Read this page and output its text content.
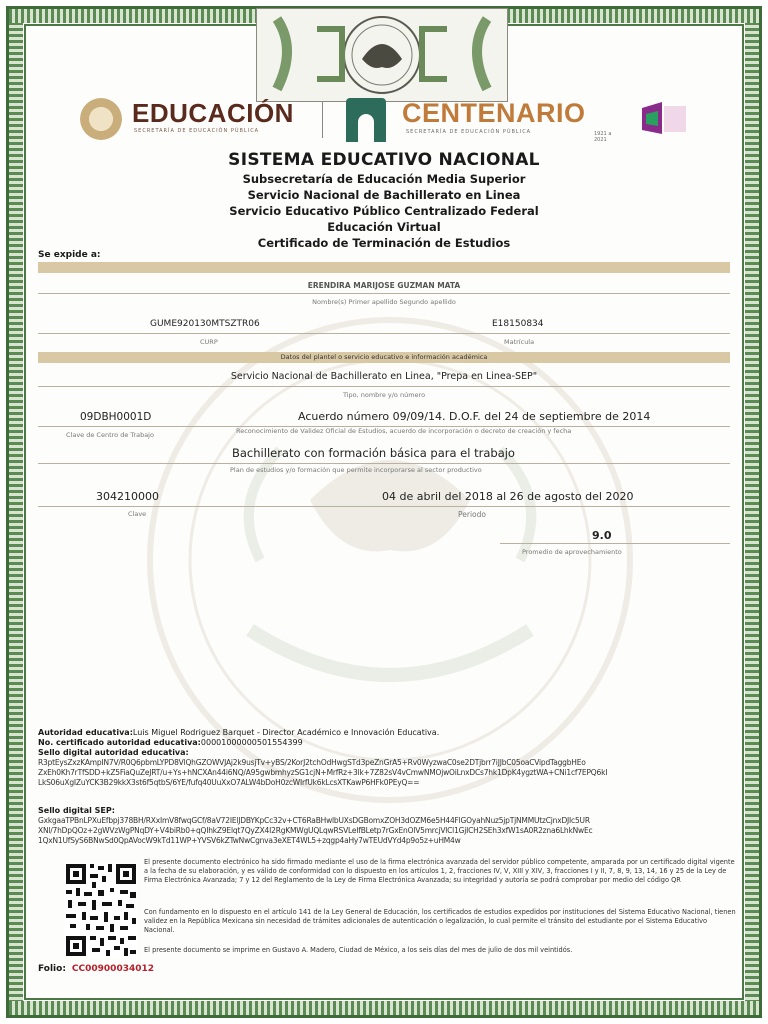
EDUCACIÓN
SECRETARÍA DE EDUCACIÓN PÚBLICA
CENTENARIO
SECRETARÍA DE EDUCACIÓN PÚBLICA	1921 a 2021
SISTEMA EDUCATIVO NACIONAL
Subsecretaría de Educación Media Superior
Servicio Nacional de Bachillerato en Linea
Servicio Educativo Público Centralizado Federal
Educación Virtual
Certificado de Terminación de Estudios
Se expide a:
ERENDIRA MARIJOSE GUZMAN MATA
Nombre(s) Primer apellido Segundo apellido
GUME920130MTSZTR06	E18150834
CURP	Matrícula
Datos del plantel o servicio educativo e información académica
Servicio Nacional de Bachillerato en Linea, "Prepa en Linea-SEP"
Tipo, nombre y/o número
09DBH0001D	Acuerdo número 09/09/14. D.O.F. del 24 de septiembre de 2014
Clave de Centro de Trabajo	Reconocimiento de Validez Oficial de Estudios, acuerdo de incorporación o decreto de creación y fecha
Bachillerato con formación básica para el trabajo
Plan de estudios y/o formación que permite incorporarse al sector productivo
304210000	04 de abril del 2018 al 26 de agosto del 2020
Clave	Periodo
9.0
Promedio de aprovechamiento
Autoridad educativa:Luis Miguel Rodriguez Barquet - Director Académico e Innovación Educativa.
No. certificado autoridad educativa:00001000000501554399
Sello digital autoridad educativa:
R3ptEysZxzKAmpIN7V/R0Q6pbmLYPD8VlQhGZOWVJAj2k9usjTv+yBS/2KorJ2tchOdHwgSTd3peZnGrA5+Rv0WyzwaC0se2DTjbrr7iJJbC05oaCVipdTaggbHEo
ZxEh0Kh7rTfSDD+kZ5FiaQuZeJRT/u+Ys+hNCXAn44i6NQ/A95gwbmhyzSG1cjN+MrfRz+3lk+7Z82sV4vCmwNMOjwOiLnxDCs7hk1DpK4ygztWA+CNi1cf7EPQ6kI
LkS06uXgIZuYCK3B29kkX3st6f5qtbS/6YE/fufq40UuXxO7ALW4bDoH0zcWIrfUk6kLcsXTKawP6HFk0PEyQ==
Sello digital SEP:
GxkgaaTPBnLPXuEfbpj378BH/RXxImV8fwqGCf/8aV72IElJDBYKpCc32v+CT6RaBHwlbUXsDGBomxZOH3dOZM6e5H44FlGOyahNuz5jpTjNMMUtzCjnxDJIc5UR
XNl/7hDpQOz+2gWVzWgPNqDY+V4biRb0+qQIhkZ9Elqt7QyZX4I2RgKMWgUQLqwRSVLeIfBLetp7rGxEnOlV5mrcjVlCl1GjICH2SEh3xfW1sA0R2zna6LhkNwEc
1QxN1UfSyS6BNwSd0QpAVocW9kTd11WP+YVSV6kZTwNwCgnva3eXET4WL5+zqgp4aHy7wTEUdVYd4p9o5z+uHM4w
El presente documento electrónico ha sido firmado mediante el uso de la firma electrónica avanzada del servidor público competente, amparada por un certificado digital vigente a la fecha de su elaboración, y es válido de conformidad con lo dispuesto en los artículos 1, 2, fracciones IV, V, XIII y XIV, 3, fracciones I y II, 7, 8, 9, 13, 14, 16 y 25 de la Ley de Firma Electrónica Avanzada; 7 y 12 del Reglamento de la Ley de Firma Electrónica Avanzada; su integridad y autoría se podrá comprobar por medio del código QR
Con fundamento en lo dispuesto en el artículo 141 de la Ley General de Educación, los certificados de estudios expedidos por instituciones del Sistema Educativo Nacional, tienen validez en la República Mexicana sin necesidad de trámites adicionales de autenticación o legalización, lo cual permite el tránsito del estudiante por el Sistema Educativo Nacional.
El presente documento se imprime en Gustavo A. Madero, Ciudad de México, a los seis días del mes de julio de dos mil veintidós.
Folio: CC00900034012
